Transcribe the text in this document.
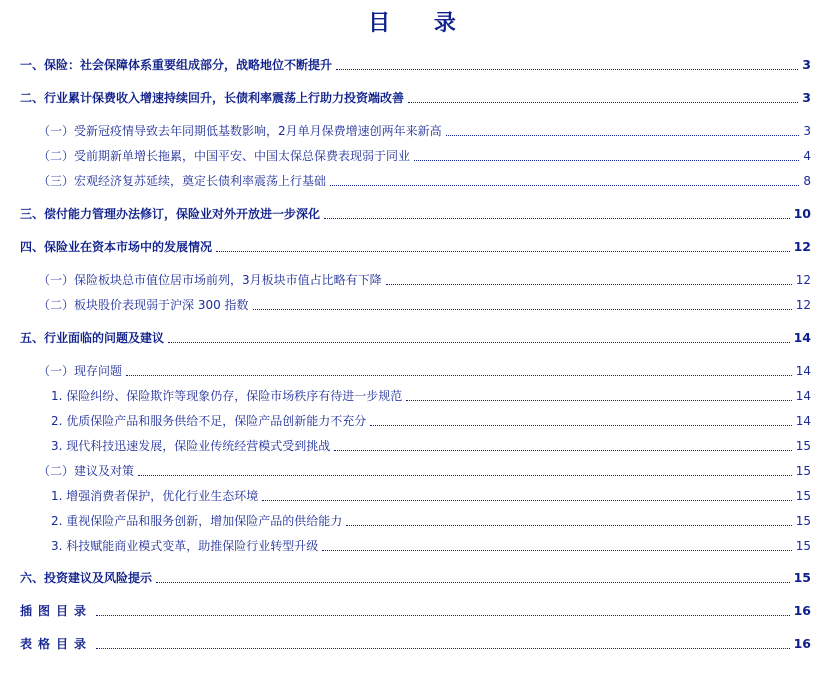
目 录
一、保险：社会保障体系重要组成部分，战略地位不断提升	3
二、行业累计保费收入增速持续回升，长债利率震荡上行助力投资端改善	3
（一）受新冠疫情导致去年同期低基数影响，2月单月保费增速创两年来新高	3
（二）受前期新单增长拖累，中国平安、中国太保总保费表现弱于同业	4
（三）宏观经济复苏延续，奠定长债利率震荡上行基础	8
三、偿付能力管理办法修订，保险业对外开放进一步深化	10
四、保险业在资本市场中的发展情况	12
（一）保险板块总市值位居市场前列，3月板块市值占比略有下降	12
（二）板块股价表现弱于沪深 300 指数	12
五、行业面临的问题及建议	14
（一）现存问题	14
1. 保险纠纷、保险欺诈等现象仍存，保险市场秩序有待进一步规范	14
2. 优质保险产品和服务供给不足，保险产品创新能力不充分	14
3. 现代科技迅速发展，保险业传统经营模式受到挑战	15
（二）建议及对策	15
1. 增强消费者保护，优化行业生态环境	15
2. 重视保险产品和服务创新，增加保险产品的供给能力	15
3. 科技赋能商业模式变革，助推保险行业转型升级	15
六、投资建议及风险提示	15
插图目录	16
表格目录	16
